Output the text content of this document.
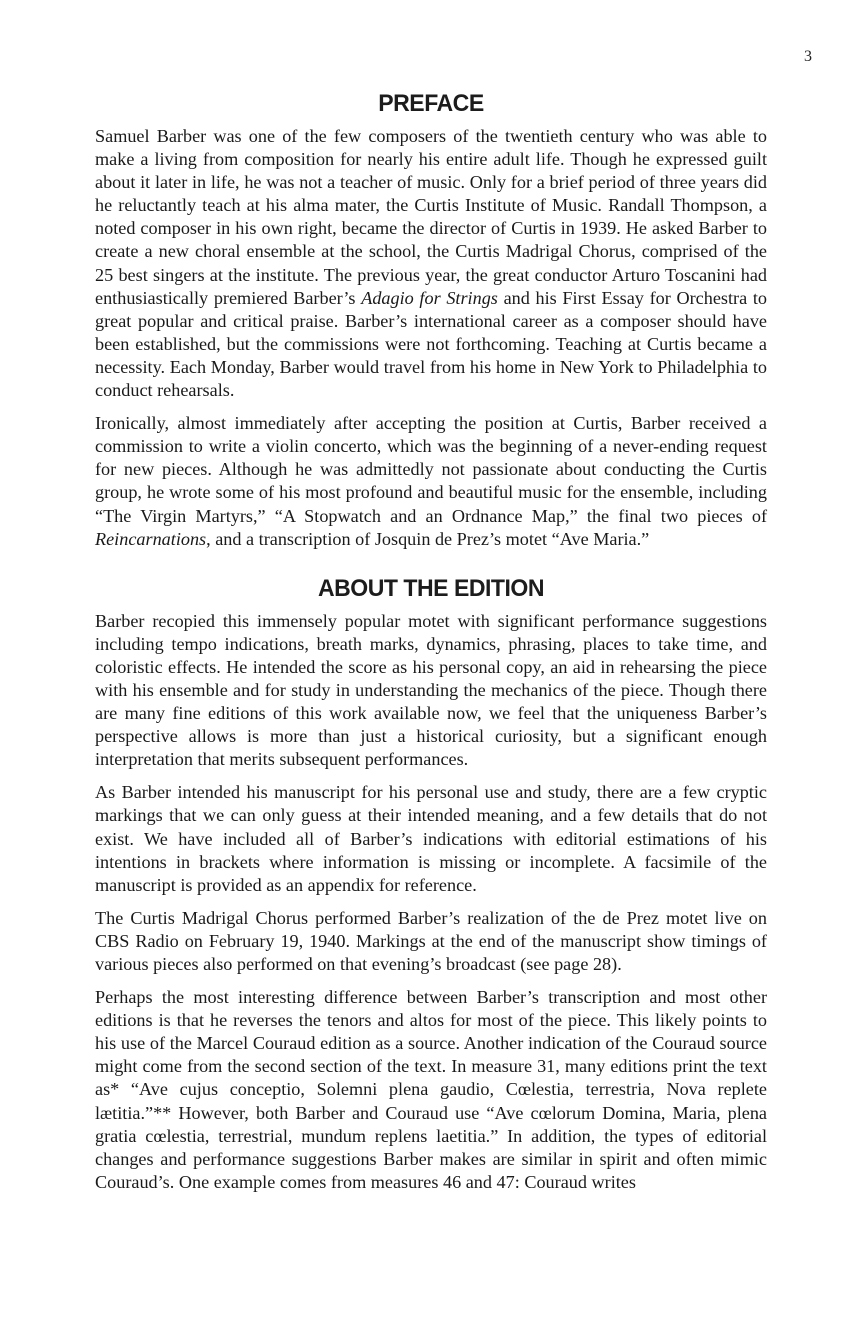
3
PREFACE

Samuel Barber was one of the few composers of the twentieth century who was able to make a living from composition for nearly his entire adult life. Though he expressed guilt about it later in life, he was not a teacher of music. Only for a brief period of three years did he reluctantly teach at his alma mater, the Curtis Institute of Music. Randall Thompson, a noted composer in his own right, became the director of Curtis in 1939. He asked Barber to create a new choral ensemble at the school, the Curtis Madrigal Chorus, comprised of the 25 best singers at the institute. The previous year, the great conductor Arturo Toscanini had enthusiastically premiered Barber’s Adagio for Strings and his First Essay for Orchestra to great popular and critical praise. Barber’s international career as a composer should have been established, but the commissions were not forthcoming. Teaching at Curtis became a necessity. Each Monday, Barber would travel from his home in New York to Philadelphia to conduct rehearsals.

Ironically, almost immediately after accepting the position at Curtis, Barber received a commission to write a violin concerto, which was the beginning of a never-ending request for new pieces. Although he was admittedly not passionate about conducting the Curtis group, he wrote some of his most profound and beautiful music for the ensemble, including “The Virgin Martyrs,” “A Stopwatch and an Ordnance Map,” the final two pieces of Reincarnations, and a transcription of Josquin de Prez’s motet “Ave Maria.”

ABOUT THE EDITION

Barber recopied this immensely popular motet with significant performance suggestions including tempo indications, breath marks, dynamics, phrasing, places to take time, and coloristic effects. He intended the score as his personal copy, an aid in rehearsing the piece with his ensemble and for study in understanding the mechanics of the piece. Though there are many fine editions of this work available now, we feel that the uniqueness Barber’s perspective allows is more than just a historical curiosity, but a significant enough interpretation that merits subsequent performances.

As Barber intended his manuscript for his personal use and study, there are a few cryptic markings that we can only guess at their intended meaning, and a few details that do not exist. We have included all of Barber’s indications with editorial estimations of his intentions in brackets where information is missing or incomplete. A facsimile of the manuscript is provided as an appendix for reference.

The Curtis Madrigal Chorus performed Barber’s realization of the de Prez motet live on CBS Radio on February 19, 1940. Markings at the end of the manuscript show timings of various pieces also performed on that evening’s broadcast (see page 28).

Perhaps the most interesting difference between Barber’s transcription and most other editions is that he reverses the tenors and altos for most of the piece. This likely points to his use of the Marcel Couraud edition as a source. Another indication of the Couraud source might come from the second section of the text. In measure 31, many editions print the text as* “Ave cujus conceptio, Solemni plena gaudio, Cœlestia, terrestria, Nova replete lætitia.”** However, both Barber and Couraud use “Ave cœlorum Domina, Maria, plena gratia cœlestia, terrestrial, mundum replens laetitia.” In addition, the types of editorial changes and performance suggestions Barber makes are similar in spirit and often mimic Couraud’s. One example comes from measures 46 and 47: Couraud writes
